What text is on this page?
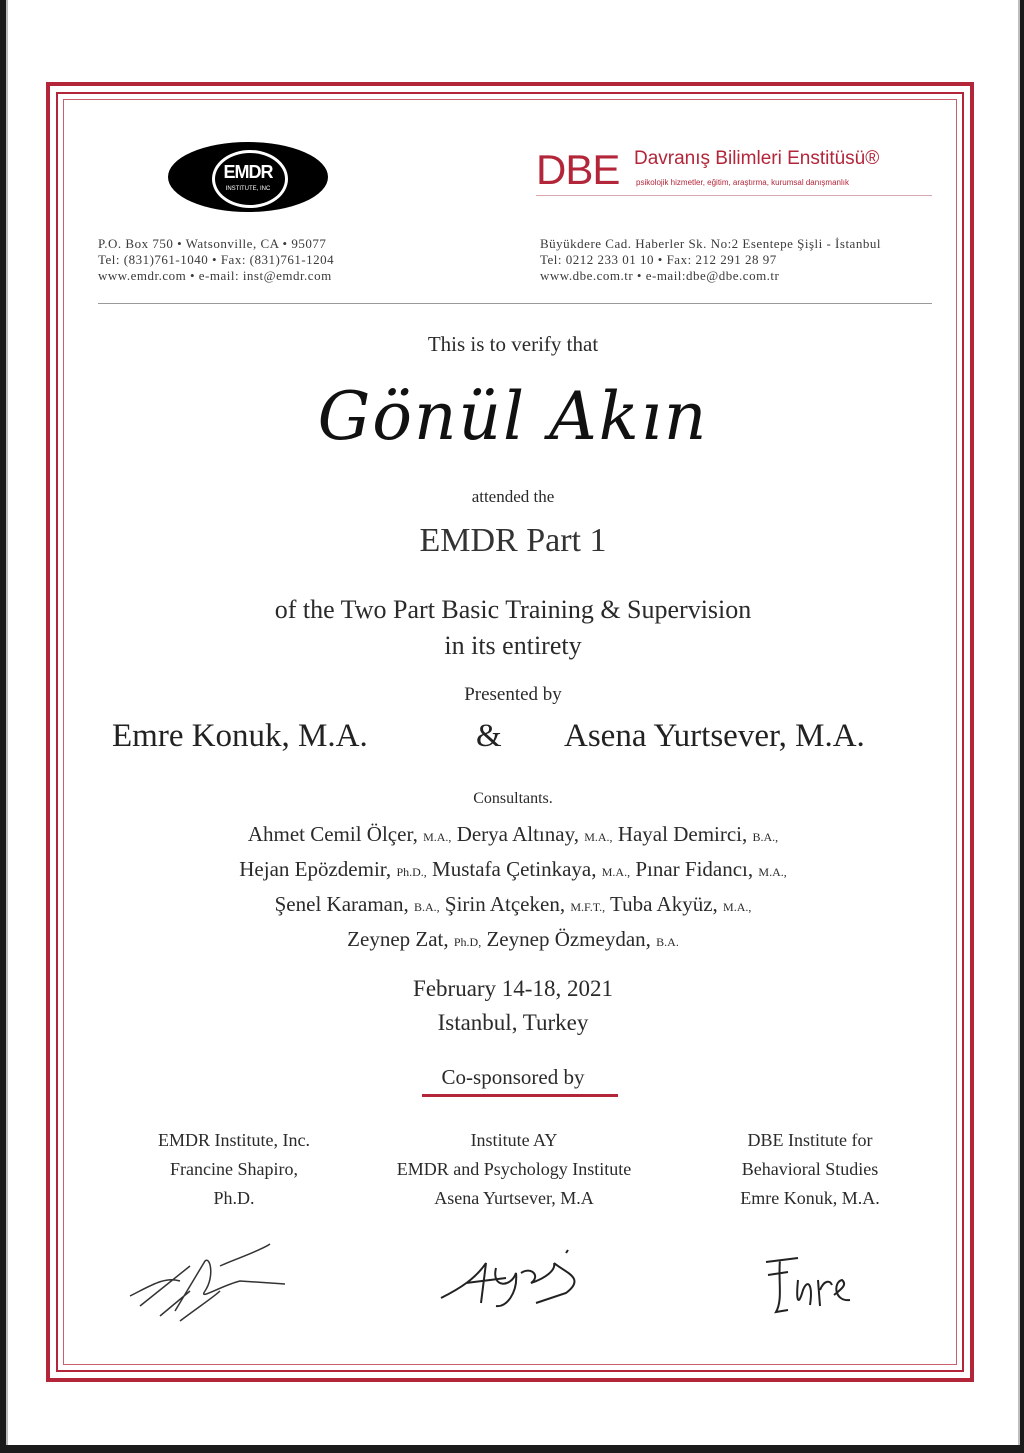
EMDR
INSTITUTE, INC	DBE Davranış Bilimleri Enstitüsü®
psikolojik hizmetler, eğitim, araştırma, kurumsal danışmanlık
P.O. Box 750 • Watsonville, CA • 95077
Tel: (831)761-1040 • Fax: (831)761-1204
www.emdr.com • e-mail: inst@emdr.com
Büyükdere Cad. Haberler Sk. No:2 Esentepe Şişli - İstanbul
Tel: 0212 233 01 10 • Fax: 212 291 28 97
www.dbe.com.tr • e-mail:dbe@dbe.com.tr
This is to verify that
Gönül Akın
attended the
EMDR Part 1
of the Two Part Basic Training & Supervision
in its entirety
Presented by
Emre Konuk, M.A.	& Asena Yurtsever, M.A.
Consultants.
Ahmet Cemil Ölçer, M.A., Derya Altınay, M.A., Hayal Demirci, B.A.,
Hejan Epözdemir, Ph.D., Mustafa Çetinkaya, M.A., Pınar Fidancı, M.A.,
Şenel Karaman, B.A., Şirin Atçeken, M.F.T., Tuba Akyüz, M.A.,
Zeynep Zat, Ph.D, Zeynep Özmeydan, B.A.
February 14-18, 2021
Istanbul, Turkey
Co-sponsored by
EMDR Institute, Inc.
Francine Shapiro,
Ph.D.
Institute AY
EMDR and Psychology Institute
Asena Yurtsever, M.A
DBE Institute for
Behavioral Studies
Emre Konuk, M.A.
